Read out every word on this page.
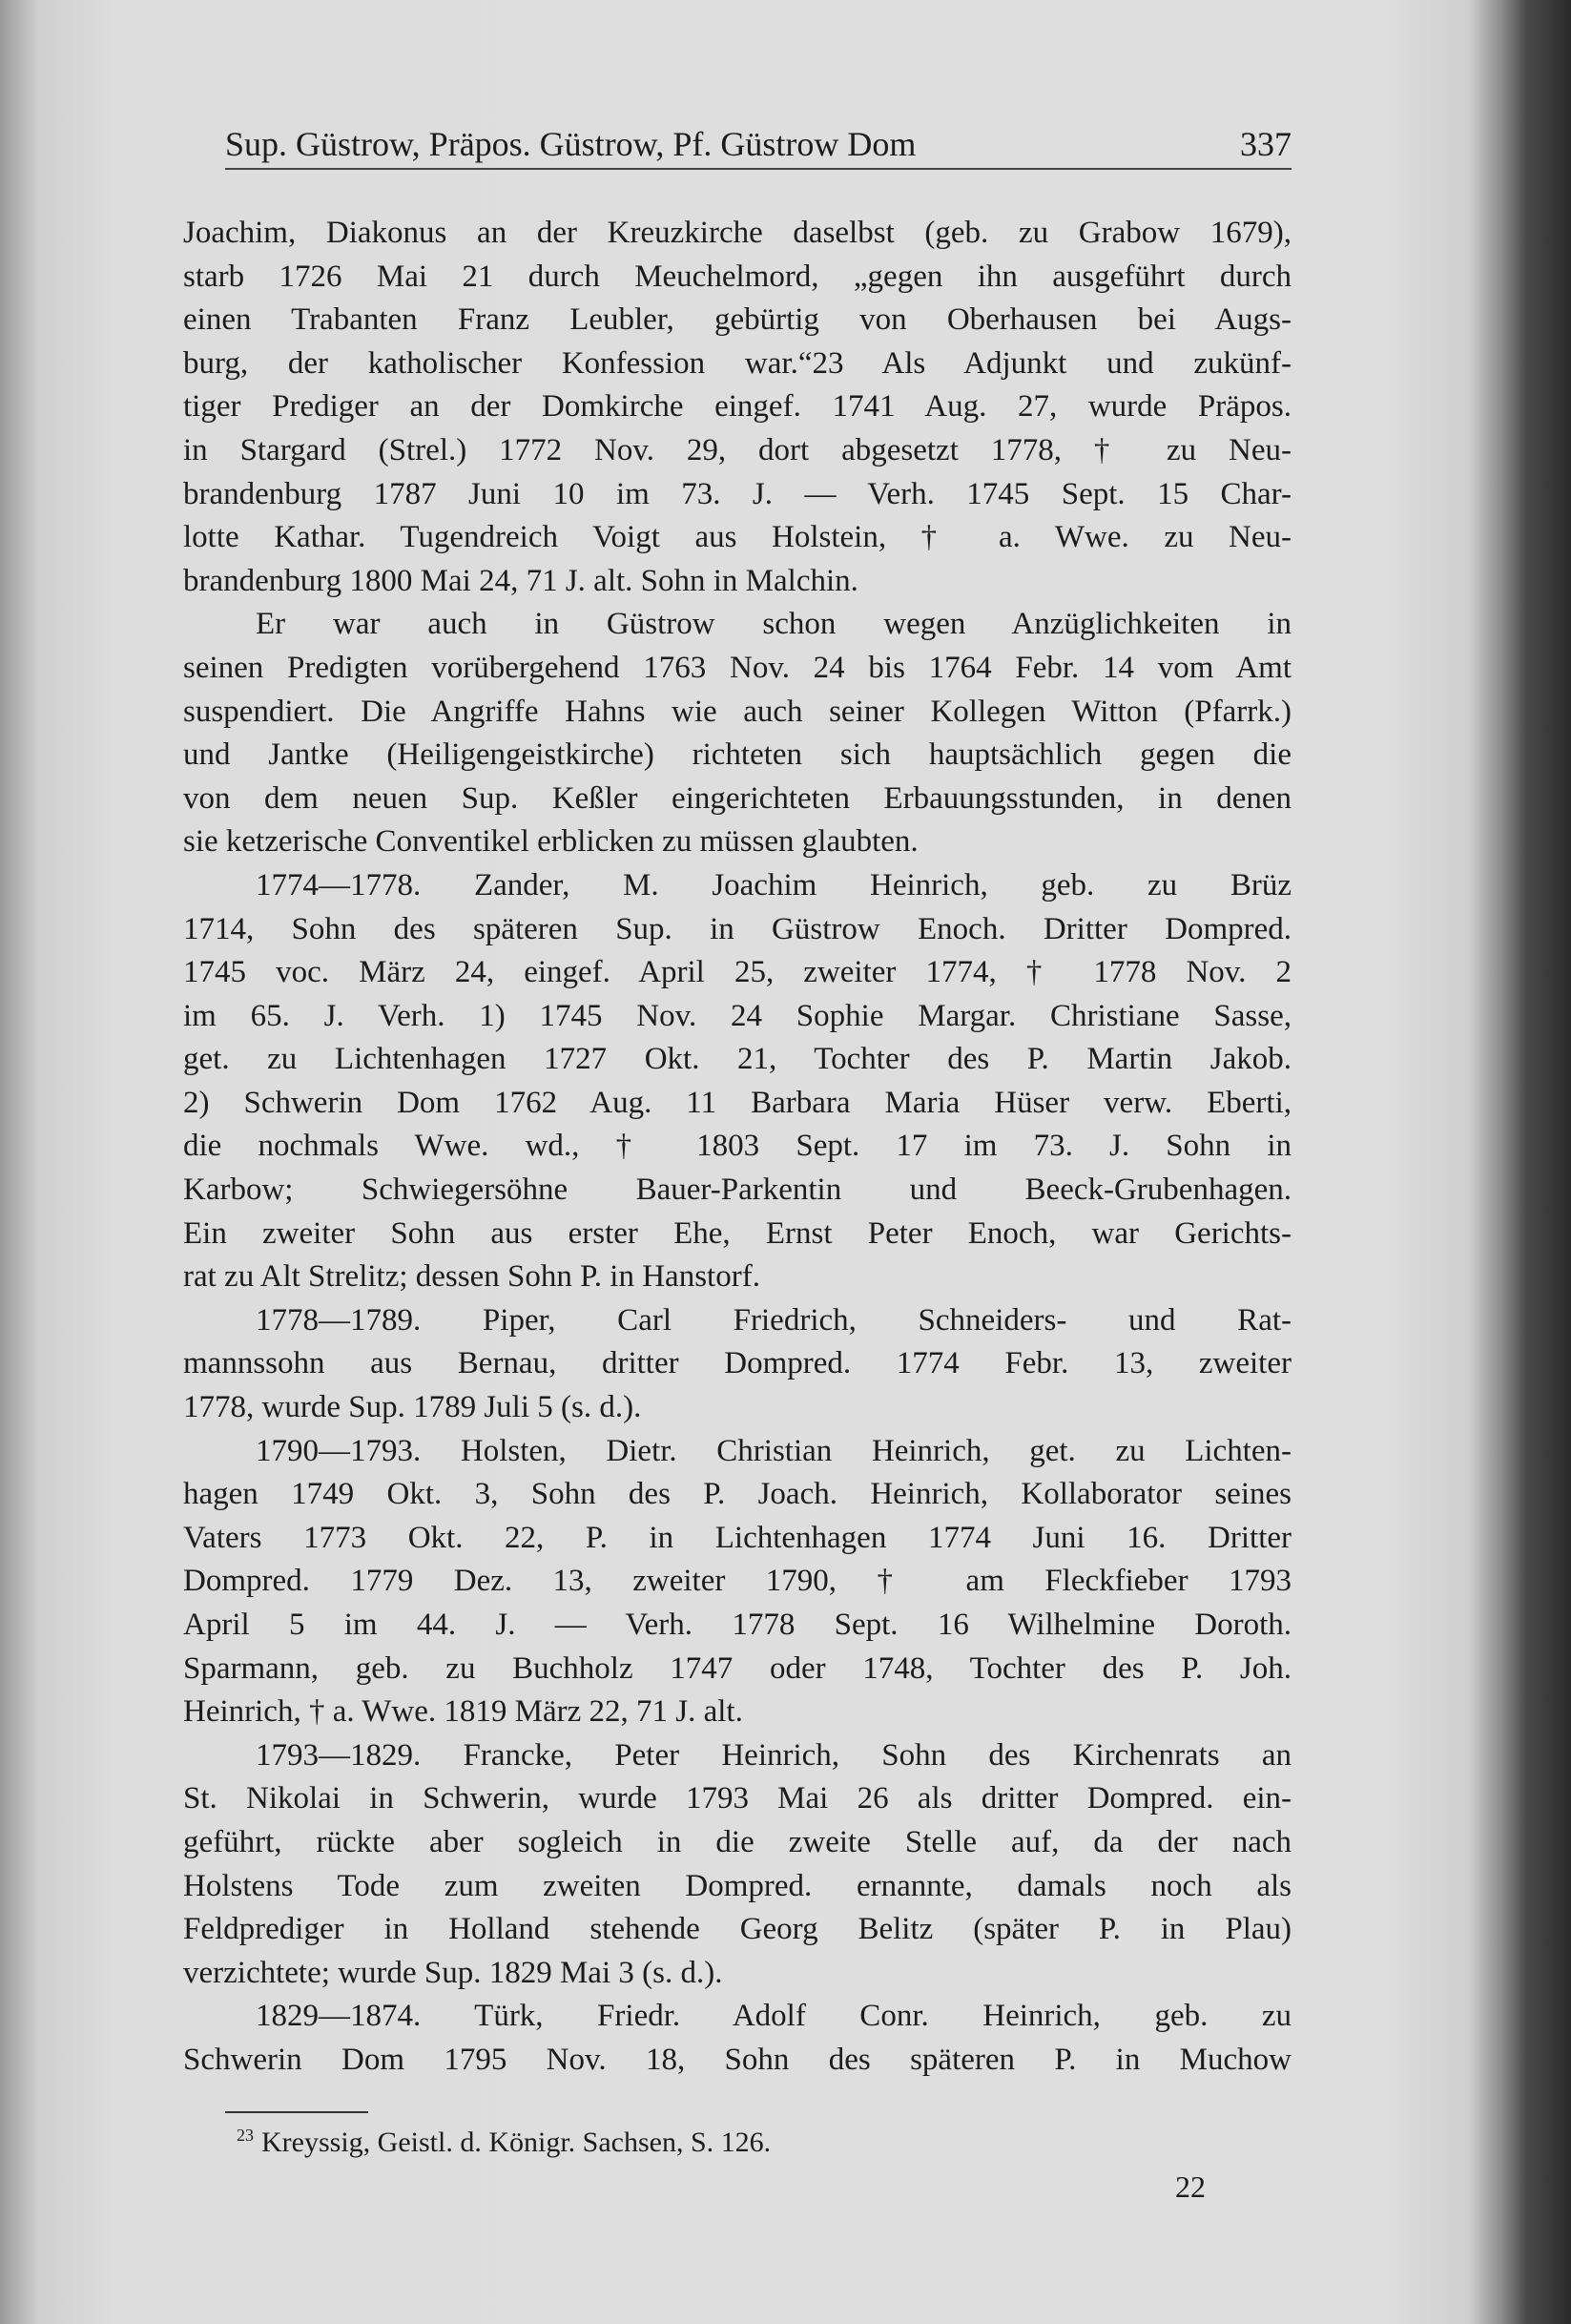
Sup. Güstrow, Präpos. Güstrow, Pf. Güstrow Dom	337
Joachim, Diakonus an der Kreuzkirche daselbst (geb. zu Grabow 1679),
starb 1726 Mai 21 durch Meuchelmord, „gegen ihn ausgeführt durch
einen Trabanten Franz Leubler, gebürtig von Oberhausen bei Augs-
burg, der katholischer Konfession war.“23 Als Adjunkt und zukünf-
tiger Prediger an der Domkirche eingef. 1741 Aug. 27, wurde Präpos.
in Stargard (Strel.) 1772 Nov. 29, dort abgesetzt 1778, † zu Neu-
brandenburg 1787 Juni 10 im 73. J. — Verh. 1745 Sept. 15 Char-
lotte Kathar. Tugendreich Voigt aus Holstein, † a. Wwe. zu Neu-
brandenburg 1800 Mai 24, 71 J. alt. Sohn in Malchin.
Er war auch in Güstrow schon wegen Anzüglichkeiten in
seinen Predigten vorübergehend 1763 Nov. 24 bis 1764 Febr. 14 vom Amt
suspendiert. Die Angriffe Hahns wie auch seiner Kollegen Witton (Pfarrk.)
und Jantke (Heiligengeistkirche) richteten sich hauptsächlich gegen die
von dem neuen Sup. Keßler eingerichteten Erbauungsstunden, in denen
sie ketzerische Conventikel erblicken zu müssen glaubten.
1774—1778. Zander, M. Joachim Heinrich, geb. zu Brüz
1714, Sohn des späteren Sup. in Güstrow Enoch. Dritter Dompred.
1745 voc. März 24, eingef. April 25, zweiter 1774, † 1778 Nov. 2
im 65. J. Verh. 1) 1745 Nov. 24 Sophie Margar. Christiane Sasse,
get. zu Lichtenhagen 1727 Okt. 21, Tochter des P. Martin Jakob.
2) Schwerin Dom 1762 Aug. 11 Barbara Maria Hüser verw. Eberti,
die nochmals Wwe. wd., † 1803 Sept. 17 im 73. J. Sohn in
Karbow; Schwiegersöhne Bauer-Parkentin und Beeck-Grubenhagen.
Ein zweiter Sohn aus erster Ehe, Ernst Peter Enoch, war Gerichts-
rat zu Alt Strelitz; dessen Sohn P. in Hanstorf.
1778—1789. Piper, Carl Friedrich, Schneiders- und Rat-
mannssohn aus Bernau, dritter Dompred. 1774 Febr. 13, zweiter
1778, wurde Sup. 1789 Juli 5 (s. d.).
1790—1793. Holsten, Dietr. Christian Heinrich, get. zu Lichten-
hagen 1749 Okt. 3, Sohn des P. Joach. Heinrich, Kollaborator seines
Vaters 1773 Okt. 22, P. in Lichtenhagen 1774 Juni 16. Dritter
Dompred. 1779 Dez. 13, zweiter 1790, † am Fleckfieber 1793
April 5 im 44. J. — Verh. 1778 Sept. 16 Wilhelmine Doroth.
Sparmann, geb. zu Buchholz 1747 oder 1748, Tochter des P. Joh.
Heinrich, † a. Wwe. 1819 März 22, 71 J. alt.
1793—1829. Francke, Peter Heinrich, Sohn des Kirchenrats an
St. Nikolai in Schwerin, wurde 1793 Mai 26 als dritter Dompred. ein-
geführt, rückte aber sogleich in die zweite Stelle auf, da der nach
Holstens Tode zum zweiten Dompred. ernannte, damals noch als
Feldprediger in Holland stehende Georg Belitz (später P. in Plau)
verzichtete; wurde Sup. 1829 Mai 3 (s. d.).
1829—1874. Türk, Friedr. Adolf Conr. Heinrich, geb. zu
Schwerin Dom 1795 Nov. 18, Sohn des späteren P. in Muchow
$^{23}$ Kreyssig, Geistl. d. Königr. Sachsen, S. 126.
22
